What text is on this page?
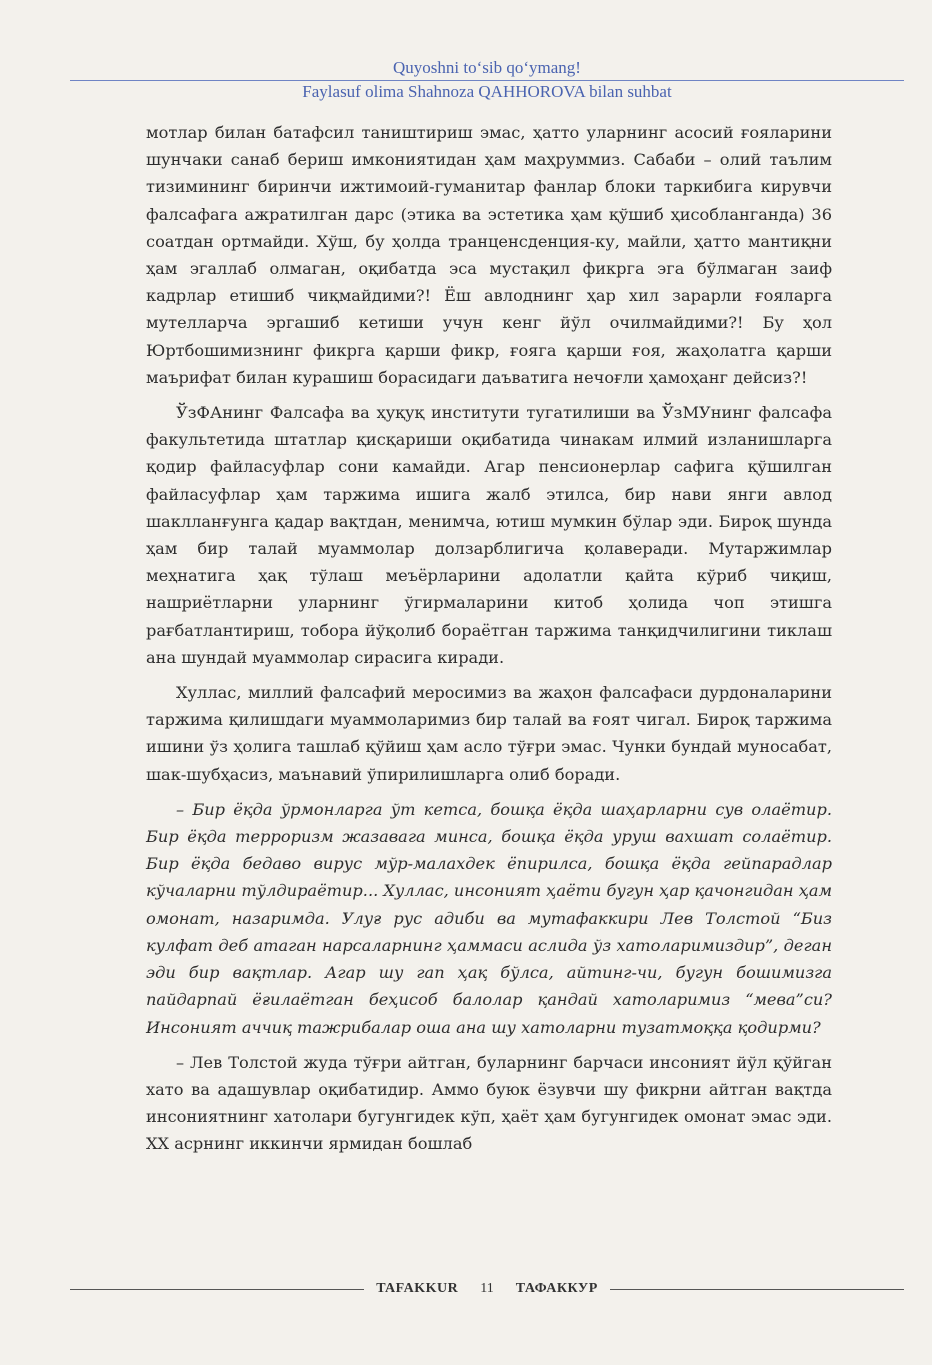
Quyoshni to‘sib qo‘ymang!
Faylasuf olima Shahnoza QAHHOROVA bilan suhbat

мотлар билан батафсил таништириш эмас, ҳатто уларнинг асосий ғояларини шунчаки санаб бериш имкониятидан ҳам маҳруммиз. Сабаби – олий таълим тизимининг биринчи ижтимоий-гуманитар фанлар блоки таркибига кирувчи фалсафага ажратилган дарс (этика ва эстетика ҳам қўшиб ҳисобланганда) 36 соатдан ортмайди. Хўш, бу ҳолда транценсденция-ку, майли, ҳатто мантиқни ҳам эгаллаб олмаган, оқибатда эса мустақил фикрга эга бўлмаган заиф кадрлар етишиб чиқмайдими?! Ёш авлоднинг ҳар хил зарарли ғояларга мутелларча эргашиб кетиши учун кенг йўл очилмайдими?! Бу ҳол Юртбошимизнинг фикрга қарши фикр, ғояга қарши ғоя, жаҳолатга қарши маърифат билан курашиш борасидаги даъватига нечоғли ҳамоҳанг дейсиз?!

ЎзФАнинг Фалсафа ва ҳуқуқ институти тугатилиши ва ЎзМУнинг фалсафа факультетида штатлар қисқариши оқибатида чинакам илмий изланишларга қодир файласуфлар сони камайди. Агар пенсионерлар сафига қўшилган файласуфлар ҳам таржима ишига жалб этилса, бир нави янги авлод шаклланғунга қадар вақтдан, менимча, ютиш мумкин бўлар эди. Бироқ шунда ҳам бир талай муаммолар долзарблигича қолаверади. Мутаржимлар меҳнатига ҳақ тўлаш меъёрларини адолатли қайта кўриб чиқиш, нашриётларни уларнинг ўгирмаларини китоб ҳолида чоп этишга рағбатлантириш, тобора йўқолиб бораётган таржима танқидчилигини тиклаш ана шундай муаммолар сирасига киради.

Хуллас, миллий фалсафий меросимиз ва жаҳон фалсафаси дурдоналарини таржима қилишдаги муаммоларимиз бир талай ва ғоят чигал. Бироқ таржима ишини ўз ҳолига ташлаб қўйиш ҳам асло тўғри эмас. Чунки бундай муносабат, шак-шубҳасиз, маънавий ўпирилишларга олиб боради.

– Бир ёқда ўрмонларга ўт кетса, бошқа ёқда шаҳарларни сув олаётир. Бир ёқда терроризм жазавага минса, бошқа ёқда уруш вахшат солаётир. Бир ёқда бедаво вирус мўр-малахдек ёпирилса, бошқа ёқда гейпарадлар кўчаларни тўлдираётир... Хуллас, инсоният ҳаёти бугун ҳар қачонгидан ҳам омонат, назаримда. Улуғ рус адиби ва мутафаккири Лев Толстой “Биз кулфат деб атаган нарсаларнинг ҳаммаси аслида ўз хатоларимиздир”, деган эди бир вақтлар. Агар шу гап ҳақ бўлса, айтинг-чи, бугун бошимизга пайдарпай ёғилаётган беҳисоб балолар қандай хатоларимиз “мева”си? Инсоният аччиқ тажрибалар оша ана шу хатоларни тузатмоққа қодирми?

– Лев Толстой жуда тўғри айтган, буларнинг барчаси инсоният йўл қўйган хато ва адашувлар оқибатидир. Аммо буюк ёзувчи шу фикрни айтган вақтда инсониятнинг хатолари бугунгидек кўп, ҳаёт ҳам бугунгидек омонат эмас эди. XX асрнинг иккинчи ярмидан бошлаб

TAFAKKUR	11	ТАФАККУР
